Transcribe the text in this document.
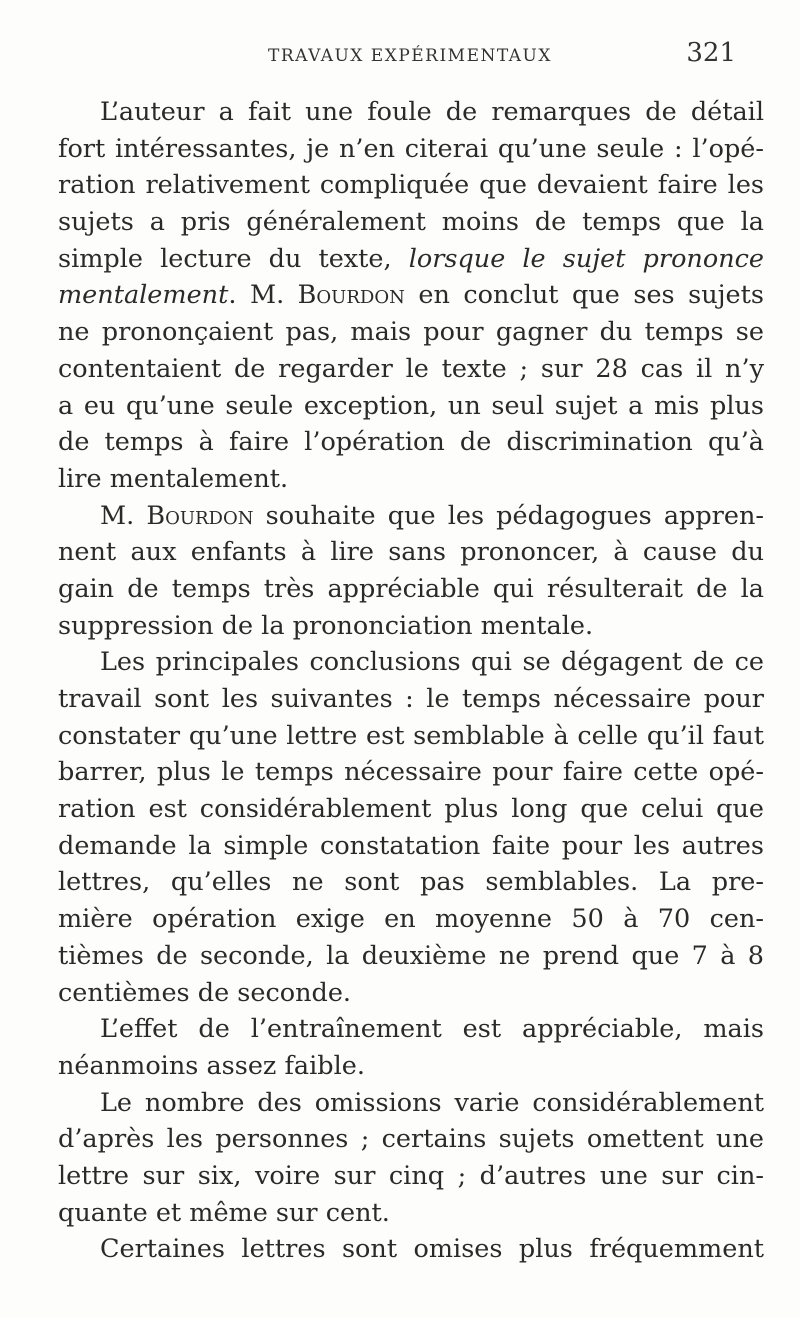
TRAVAUX EXPÉRIMENTAUX	321
L’auteur a fait une foule de remarques de détail
fort intéressantes, je n’en citerai qu’une seule : l’opé-
ration relativement compliquée que devaient faire les
sujets a pris généralement moins de temps que la
simple lecture du texte, lorsque le sujet prononce
mentalement. M. Bourdon en conclut que ses sujets
ne prononçaient pas, mais pour gagner du temps se
contentaient de regarder le texte ; sur 28 cas il n’y
a eu qu’une seule exception, un seul sujet a mis plus
de temps à faire l’opération de discrimination qu’à
lire mentalement.
M. Bourdon souhaite que les pédagogues appren-
nent aux enfants à lire sans prononcer, à cause du
gain de temps très appréciable qui résulterait de la
suppression de la prononciation mentale.
Les principales conclusions qui se dégagent de ce
travail sont les suivantes : le temps nécessaire pour
constater qu’une lettre est semblable à celle qu’il faut
barrer, plus le temps nécessaire pour faire cette opé-
ration est considérablement plus long que celui que
demande la simple constatation faite pour les autres
lettres, qu’elles ne sont pas semblables. La pre-
mière opération exige en moyenne 50 à 70 cen-
tièmes de seconde, la deuxième ne prend que 7 à 8
centièmes de seconde.
L’effet de l’entraînement est appréciable, mais
néanmoins assez faible.
Le nombre des omissions varie considérablement
d’après les personnes ; certains sujets omettent une
lettre sur six, voire sur cinq ; d’autres une sur cin-
quante et même sur cent.
Certaines lettres sont omises plus fréquemment
